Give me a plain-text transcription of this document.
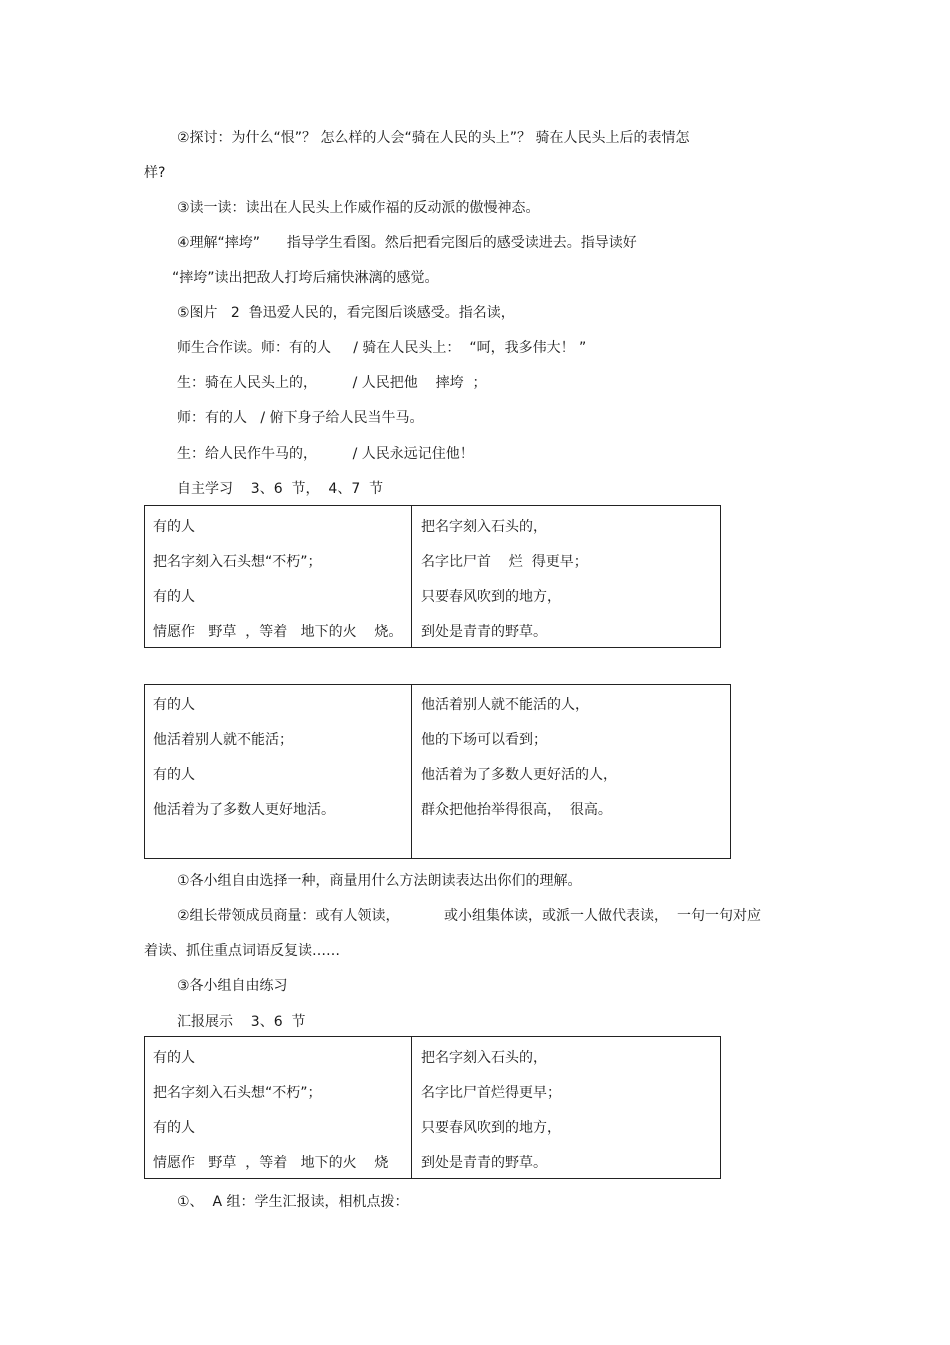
②探讨：为什么“恨”？ 怎么样的人会“骑在人民的头上”？ 骑在人民头上后的表情怎
样?
③读一读：读出在人民头上作威作福的反动派的傲慢神态。
④理解“摔垮”      指导学生看图。然后把看完图后的感受读进去。指导读好
“摔垮”读出把敌人打垮后痛快淋漓的感觉。
⑤图片   2  鲁迅爱人民的，看完图后谈感受。指名读，
师生合作读。师：有的人     / 骑在人民头上：  “呵，我多伟大！ ”
生：骑在人民头上的，        / 人民把他    摔垮  ；
师：有的人   / 俯下身子给人民当牛马。
生：给人民作牛马的，        / 人民永远记住他！
自主学习    3、6  节，  4、7  节
有的人
把名字刻入石头想“不朽”；
有的人
情愿作   野草  ，等着   地下的火    烧。
把名字刻入石头的，
名字比尸首    烂  得更早；
只要春风吹到的地方，
到处是青青的野草。
有的人
他活着别人就不能活；
有的人
他活着为了多数人更好地活。
他活着别人就不能活的人，
他的下场可以看到；
他活着为了多数人更好活的人，
群众把他抬举得很高，  很高。
①各小组自由选择一种，商量用什么方法朗读表达出你们的理解。
②组长带领成员商量：或有人领读，          或小组集体读，或派一人做代表读，  一句一句对应
着读、抓住重点词语反复读……
③各小组自由练习
汇报展示    3、6  节
有的人
把名字刻入石头想“不朽”；
有的人
情愿作   野草  ，等着   地下的火    烧
把名字刻入石头的，
名字比尸首烂得更早；
只要春风吹到的地方，
到处是青青的野草。
①、  A 组：学生汇报读，相机点拨：
